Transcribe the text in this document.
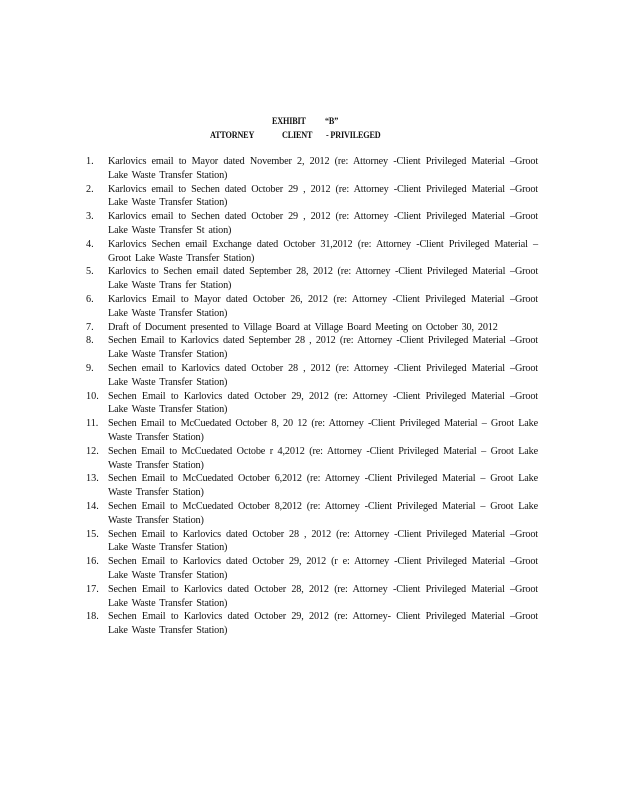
EXHIBIT “B”
ATTORNEY	CLIENT - PRIVILEGED
1.	Karlovics email to Mayor dated November 2, 2012 (re: Attorney -Client Privileged Material –Groot Lake Waste Transfer Station)
2.	Karlovics email to Sechen dated October 29 , 2012 (re: Attorney -Client Privileged Material –Groot Lake Waste Transfer Station)
3.	Karlovics email to Sechen dated October 29 , 2012 (re: Attorney -Client Privileged Material –Groot Lake Waste Transfer St ation)
4.	Karlovics Sechen email Exchange dated October 31,2012 (re: Attorney -Client Privileged Material –Groot Lake Waste Transfer Station)
5.	Karlovics to Sechen email dated September 28, 2012 (re: Attorney -Client Privileged Material –Groot Lake Waste Trans fer Station)
6.	Karlovics Email to Mayor dated October 26, 2012 (re: Attorney -Client Privileged Material –Groot Lake Waste Transfer Station)
7.	Draft of Document presented to Village Board at Village Board Meeting on October 30, 2012
8.	Sechen Email to Karlovics dated September 28 , 2012 (re: Attorney -Client Privileged Material –Groot Lake Waste Transfer Station)
9.	Sechen email to Karlovics dated October 28 , 2012 (re: Attorney -Client Privileged Material –Groot Lake Waste Transfer Station)
10. Sechen Email to Karlovics dated October 29, 2012 (re: Attorney -Client Privileged Material –Groot Lake Waste Transfer Station)
11. Sechen Email to McCuedated October 8, 20 12 (re: Attorney -Client Privileged Material – Groot Lake Waste Transfer Station)
12. Sechen Email to McCuedated Octobe r 4,2012 (re: Attorney -Client Privileged Material – Groot Lake Waste Transfer Station)
13. Sechen Email to McCuedated October 6,2012 (re: Attorney -Client Privileged Material – Groot Lake Waste Transfer Station)
14. Sechen Email to McCuedated October 8,2012 (re: Attorney -Client Privileged Material – Groot Lake Waste Transfer Station)
15. Sechen Email to Karlovics dated October 28 , 2012 (re: Attorney -Client Privileged Material –Groot Lake Waste Transfer Station)
16. Sechen Email to Karlovics dated October 29, 2012 (r e: Attorney -Client Privileged Material –Groot Lake Waste Transfer Station)
17. Sechen Email to Karlovics dated October 28, 2012 (re: Attorney -Client Privileged Material –Groot Lake Waste Transfer Station)
18. Sechen Email to Karlovics dated October 29, 2012 (re: Attorney- Client Privileged Material –Groot Lake Waste Transfer Station)
